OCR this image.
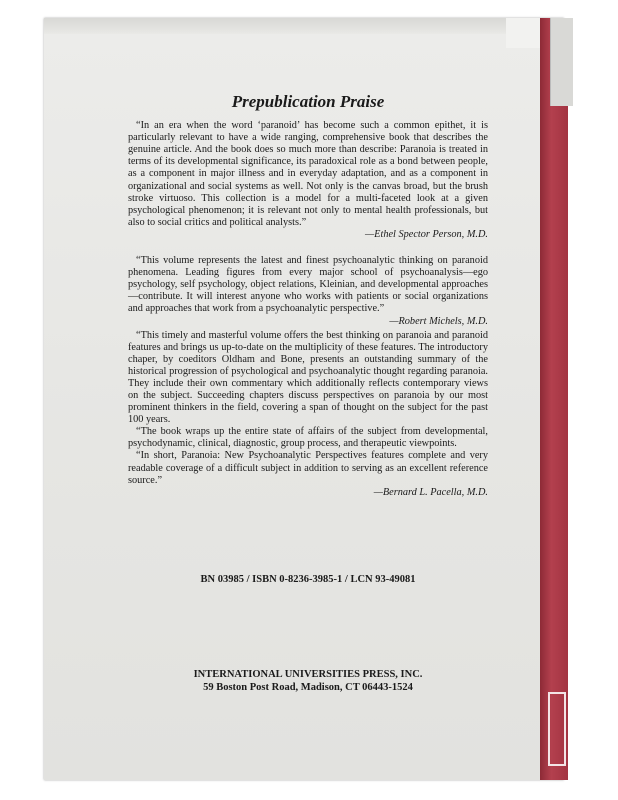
Prepublication Praise

“In an era when the word ‘paranoid’ has become such a common epithet, it is particularly relevant to have a wide ranging, comprehensive book that describes the genuine article. And the book does so much more than describe: Paranoia is treated in terms of its developmental significance, its paradoxical role as a bond between people, as a component in major illness and in everyday adaptation, and as a component in organizational and social systems as well. Not only is the canvas broad, but the brush stroke virtuoso. This collection is a model for a multi-faceted look at a given psychological phenomenon; it is relevant not only to mental health professionals, but also to social critics and political analysts.”

—Ethel Spector Person, M.D.

“This volume represents the latest and finest psychoanalytic thinking on paranoid phenomena. Leading figures from every major school of psychoanalysis—ego psychology, self psychology, object relations, Kleinian, and developmental approaches—contribute. It will interest anyone who works with patients or social organizations and approaches that work from a psychoanalytic perspective.”
—Robert Michels, M.D.

“This timely and masterful volume offers the best thinking on paranoia and paranoid features and brings us up-to-date on the multiplicity of these features. The introductory chaper, by coeditors Oldham and Bone, presents an outstanding summary of the historical progression of psychological and psychoanalytic thought regarding paranoia. They include their own commentary which additionally reflects contemporary views on the subject. Succeeding chapters discuss perspectives on paranoia by our most prominent thinkers in the field, covering a span of thought on the subject for the past 100 years.

“The book wraps up the entire state of affairs of the subject from developmental, psychodynamic, clinical, diagnostic, group process, and therapeutic viewpoints.

“In short, Paranoia: New Psychoanalytic Perspectives features complete and very readable coverage of a difficult subject in addition to serving as an excellent reference source.”

—Bernard L. Pacella, M.D.

BN 03985 / ISBN 0-8236-3985-1 / LCN 93-49081
INTERNATIONAL UNIVERSITIES PRESS, INC.
59 Boston Post Road, Madison, CT 06443-1524
